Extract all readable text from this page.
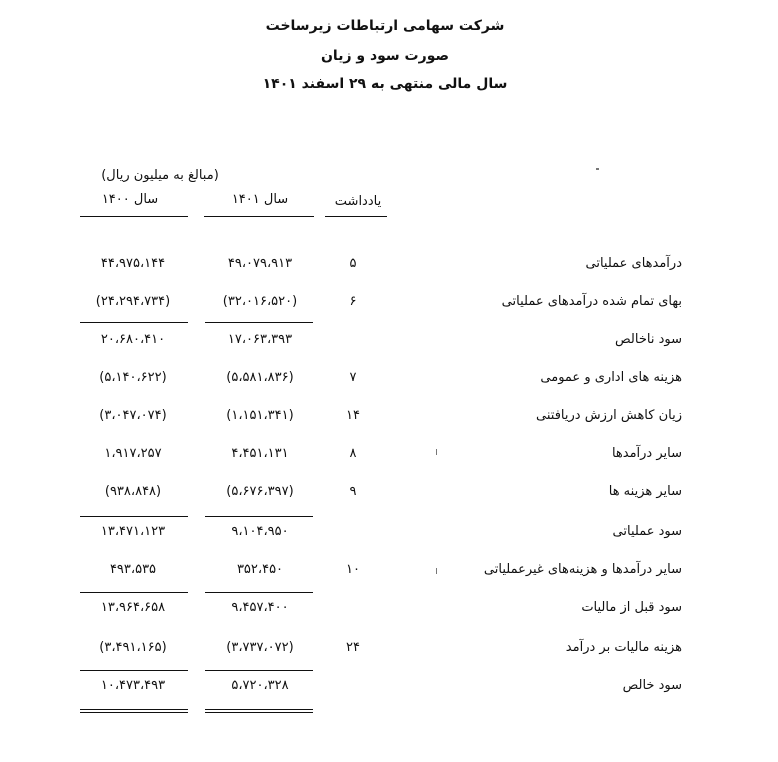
شرکت سهامی ارتباطات زیرساخت
صورت سود و زیان
سال مالی منتهی به ۲۹ اسفند ۱۴۰۱
(مبالغ به میلیون ریال)
سال ۱۴۰۰	سال ۱۴۰۱	یادداشت
درآمدهای عملیاتی
۵
۴۹،۰۷۹،۹۱۳
۴۴،۹۷۵،۱۴۴
بهای تمام شده درآمدهای عملیاتی
۶
(۳۲،۰۱۶،۵۲۰)
(۲۴،۲۹۴،۷۳۴)
سود ناخالص
۱۷،۰۶۳،۳۹۳
۲۰،۶۸۰،۴۱۰
هزینه های اداری و عمومی
۷
(۵،۵۸۱،۸۳۶)
(۵،۱۴۰،۶۲۲)
زیان کاهش ارزش دریافتنی
۱۴
(۱،۱۵۱،۳۴۱)
(۳،۰۴۷،۰۷۴)
سایر درآمدها
۸
۴،۴۵۱،۱۳۱
۱،۹۱۷،۲۵۷
سایر هزینه ها
۹
(۵،۶۷۶،۳۹۷)
(۹۳۸،۸۴۸)
سود عملیاتی
۹،۱۰۴،۹۵۰
۱۳،۴۷۱،۱۲۳
سایر درآمدها و هزینه‌های غیرعملیاتی
۱۰
۳۵۲،۴۵۰
۴۹۳،۵۳۵
سود قبل از مالیات
۹،۴۵۷،۴۰۰
۱۳،۹۶۴،۶۵۸
هزینه مالیات بر درآمد
۲۴
(۳،۷۳۷،۰۷۲)
(۳،۴۹۱،۱۶۵)
سود خالص
۵،۷۲۰،۳۲۸
۱۰،۴۷۳،۴۹۳
